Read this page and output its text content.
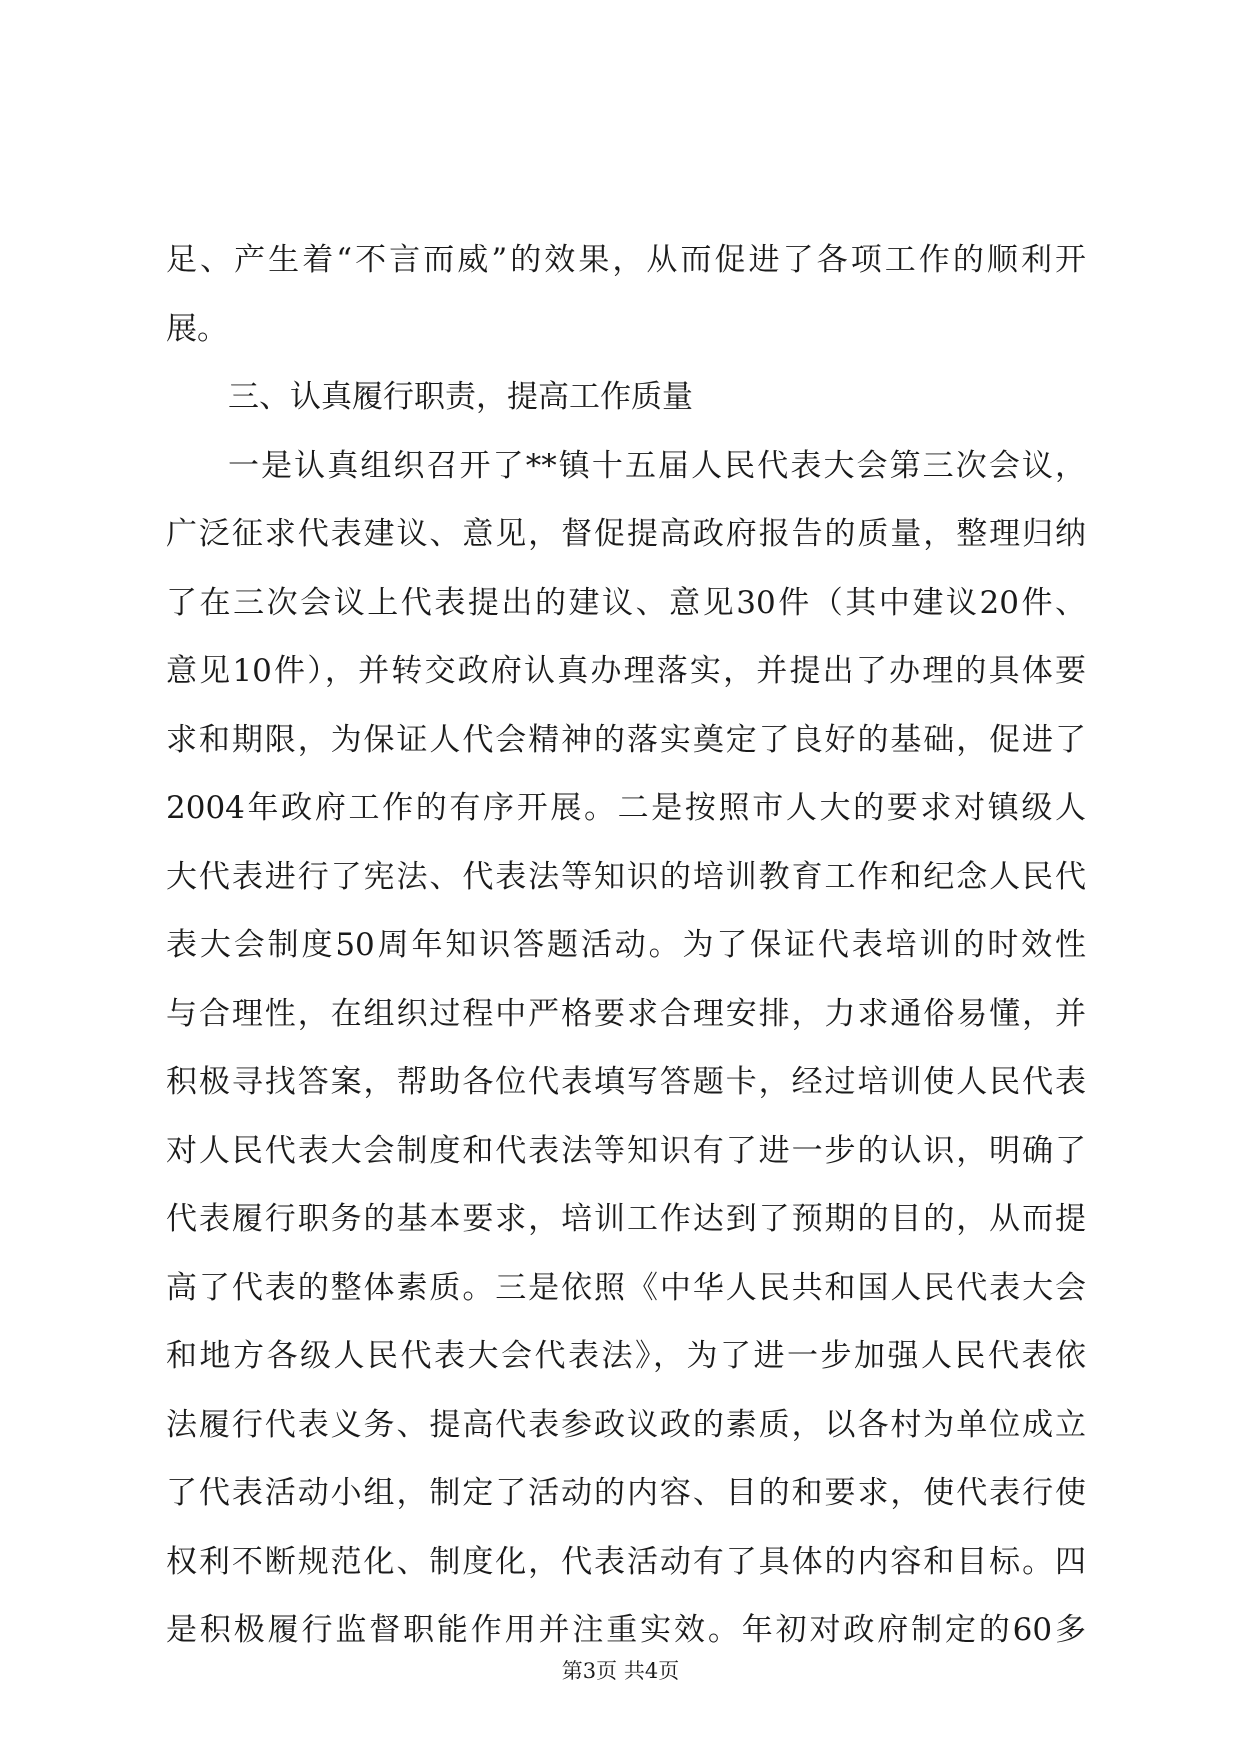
足、产生着“不言而威”的效果，从而促进了各项工作的顺利开
展。
三、认真履行职责，提高工作质量
一是认真组织召开了**镇十五届人民代表大会第三次会议，
广泛征求代表建议、意见，督促提高政府报告的质量，整理归纳
了在三次会议上代表提出的建议、意见30件（其中建议20件、
意见10件），并转交政府认真办理落实，并提出了办理的具体要
求和期限，为保证人代会精神的落实奠定了良好的基础，促进了
2004年政府工作的有序开展。二是按照市人大的要求对镇级人
大代表进行了宪法、代表法等知识的培训教育工作和纪念人民代
表大会制度50周年知识答题活动。为了保证代表培训的时效性
与合理性，在组织过程中严格要求合理安排，力求通俗易懂，并
积极寻找答案，帮助各位代表填写答题卡，经过培训使人民代表
对人民代表大会制度和代表法等知识有了进一步的认识，明确了
代表履行职务的基本要求，培训工作达到了预期的目的，从而提
高了代表的整体素质。三是依照《中华人民共和国人民代表大会
和地方各级人民代表大会代表法》，为了进一步加强人民代表依
法履行代表义务、提高代表参政议政的素质，以各村为单位成立
了代表活动小组，制定了活动的内容、目的和要求，使代表行使
权利不断规范化、制度化，代表活动有了具体的内容和目标。四
是积极履行监督职能作用并注重实效。年初对政府制定的60多
第3页 共4页
